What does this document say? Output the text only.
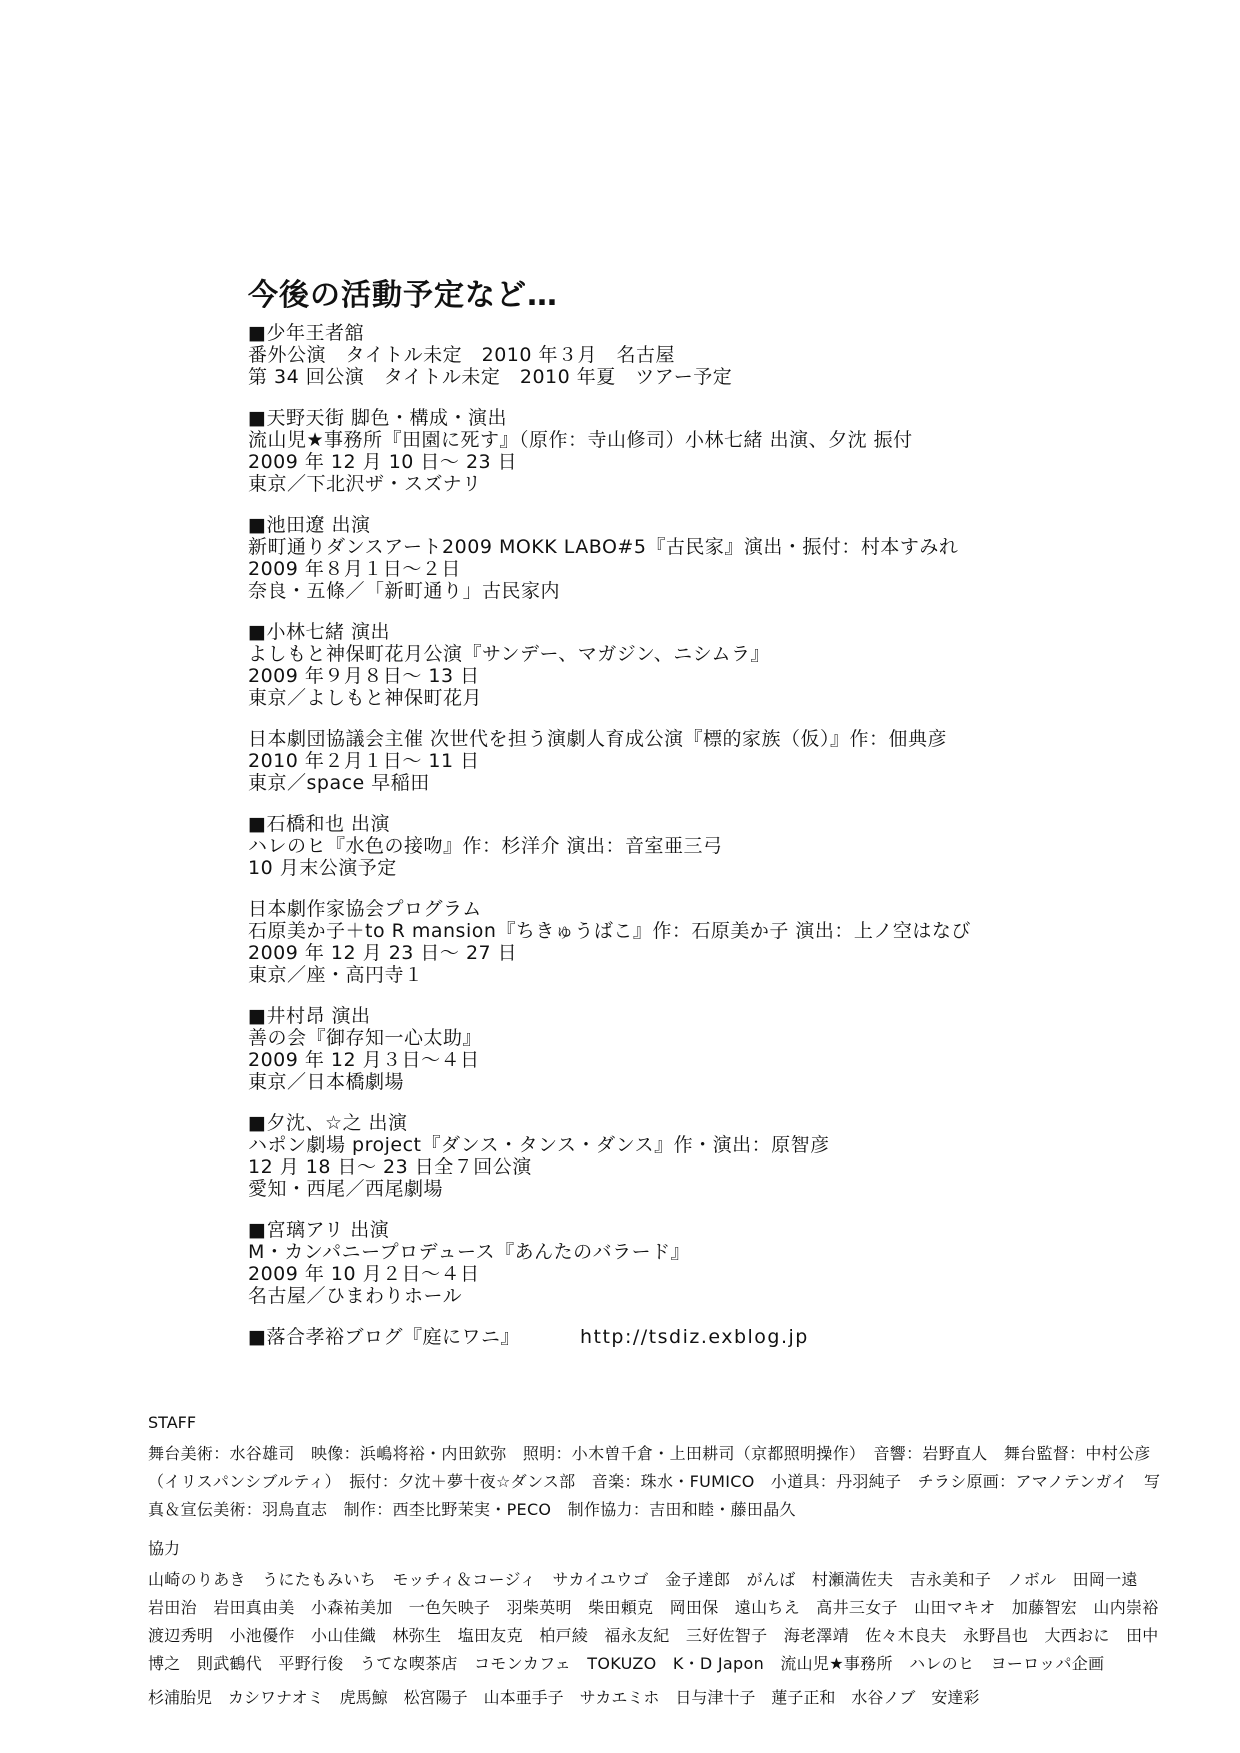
今後の活動予定など…
■少年王者舘
番外公演　タイトル未定　2010 年３月　名古屋
第 34 回公演　タイトル未定　2010 年夏　ツアー予定
■天野天街 脚色・構成・演出
流山児★事務所『田園に死す』（原作：寺山修司）小林七緒 出演、夕沈 振付
2009 年 12 月 10 日～ 23 日
東京／下北沢ザ・スズナリ
■池田遼 出演
新町通りダンスアート2009 MOKK LABO#5『古民家』演出・振付：村本すみれ
2009 年８月１日～２日
奈良・五條／「新町通り」古民家内
■小林七緒 演出
よしもと神保町花月公演『サンデー、マガジン、ニシムラ』
2009 年９月８日～ 13 日
東京／よしもと神保町花月
日本劇団協議会主催 次世代を担う演劇人育成公演『標的家族（仮）』作：佃典彦
2010 年２月１日～ 11 日
東京／space 早稲田
■石橋和也 出演
ハレのヒ『水色の接吻』作：杉洋介 演出：音室亜三弓
10 月末公演予定
日本劇作家協会プログラム
石原美か子＋to R mansion『ちきゅうばこ』作：石原美か子 演出：上ノ空はなび
2009 年 12 月 23 日～ 27 日
東京／座・高円寺１
■井村昂 演出
善の会『御存知一心太助』
2009 年 12 月３日～４日
東京／日本橋劇場
■夕沈、☆之 出演
ハポン劇場 project『ダンス・タンス・ダンス』作・演出：原智彦
12 月 18 日～ 23 日全７回公演
愛知・西尾／西尾劇場
■宮璃アリ 出演
M・カンパニープロデュース『あんたのバラード』
2009 年 10 月２日～４日
名古屋／ひまわりホール
■落合孝裕ブログ『庭にワニ』	http://tsdiz.exblog.jp
STAFF
舞台美術：水谷雄司　映像：浜嶋将裕・内田欽弥　照明：小木曽千倉・上田耕司（京都照明操作）　音響：岩野直人　舞台監督：中村公彦（イリスパンシブルティ）　振付：夕沈＋夢十夜☆ダンス部　音楽：珠水・FUMICO　小道具：丹羽純子　チラシ原画：アマノテンガイ　写真＆宣伝美術：羽鳥直志　制作：西杢比野茉実・PECO　制作協力：吉田和睦・藤田晶久
協力
山崎のりあき　うにたもみいち　モッチィ＆コージィ　サカイユウゴ　金子達郎　がんば　村瀬満佐夫　吉永美和子　ノボル　田岡一遠　岩田治　岩田真由美　小森祐美加　一色矢映子　羽柴英明　柴田頼克　岡田保　遠山ちえ　高井三女子　山田マキオ　加藤智宏　山内崇裕　渡辺秀明　小池優作　小山佳織　林弥生　塩田友克　柏戸綾　福永友紀　三好佐智子　海老澤靖　佐々木良夫　永野昌也　大西おに　田中博之　則武鶴代　平野行俊　うてな喫茶店　コモンカフェ　TOKUZO　K・D Japon　流山児★事務所　ハレのヒ　ヨーロッパ企画
杉浦胎児　カシワナオミ　虎馬鯨　松宮陽子　山本亜手子　サカエミホ　日与津十子　蓮子正和　水谷ノブ　安達彩
